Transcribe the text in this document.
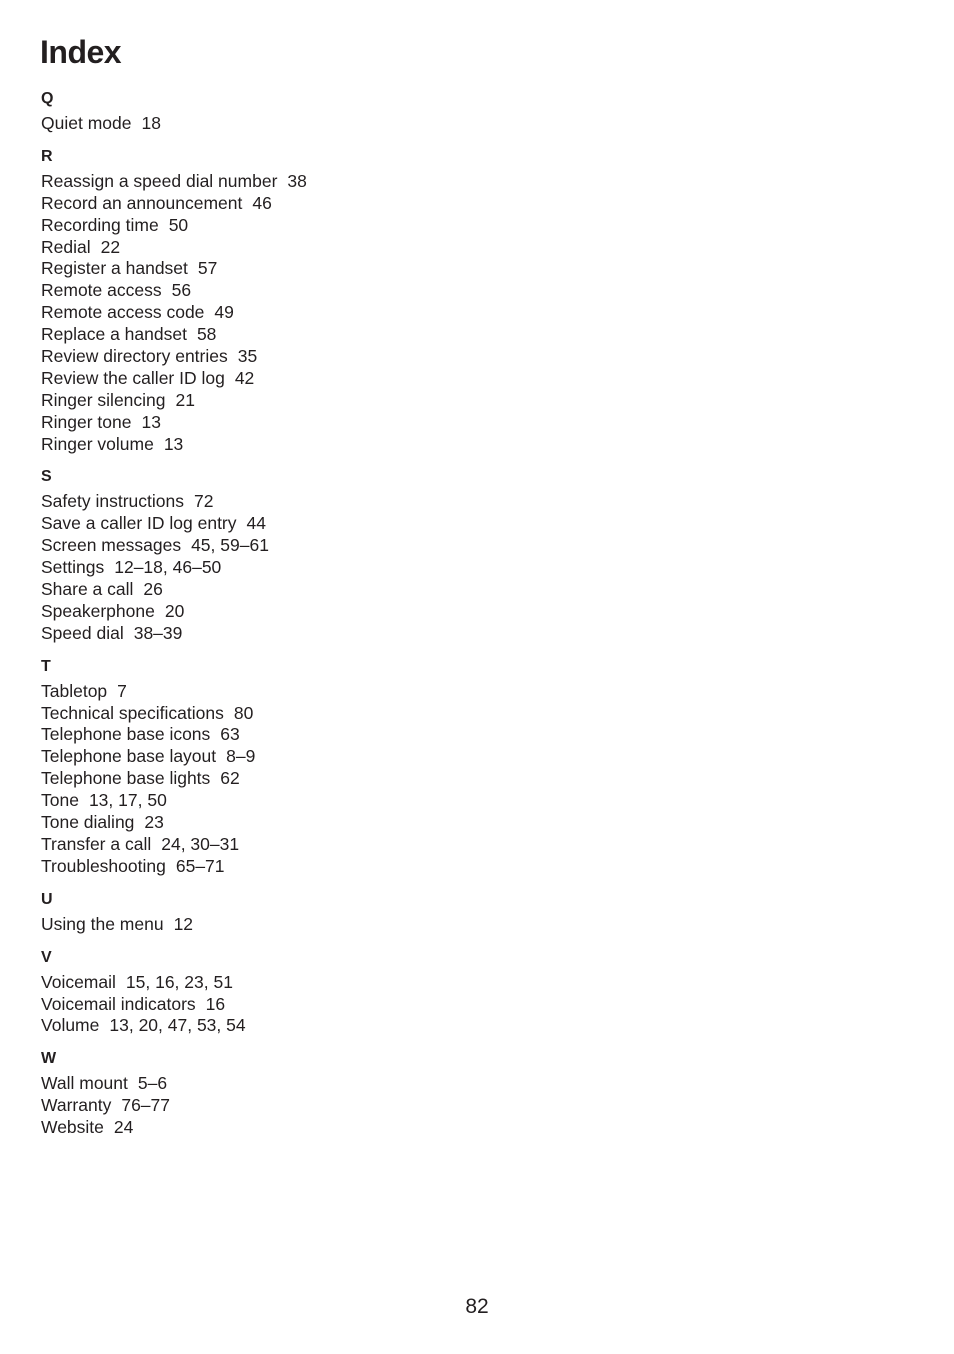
Index
Q
Quiet mode 18
R
Reassign a speed dial number 38
Record an announcement 46
Recording time 50
Redial 22
Register a handset 57
Remote access 56
Remote access code 49
Replace a handset 58
Review directory entries 35
Review the caller ID log 42
Ringer silencing 21
Ringer tone 13
Ringer volume 13
S
Safety instructions 72
Save a caller ID log entry 44
Screen messages 45, 59–61
Settings 12–18, 46–50
Share a call 26
Speakerphone 20
Speed dial 38–39
T
Tabletop 7
Technical specifications 80
Telephone base icons 63
Telephone base layout 8–9
Telephone base lights 62
Tone 13, 17, 50
Tone dialing 23
Transfer a call 24, 30–31
Troubleshooting 65–71
U
Using the menu 12
V
Voicemail 15, 16, 23, 51
Voicemail indicators 16
Volume 13, 20, 47, 53, 54
W
Wall mount 5–6
Warranty 76–77
Website 24
82
